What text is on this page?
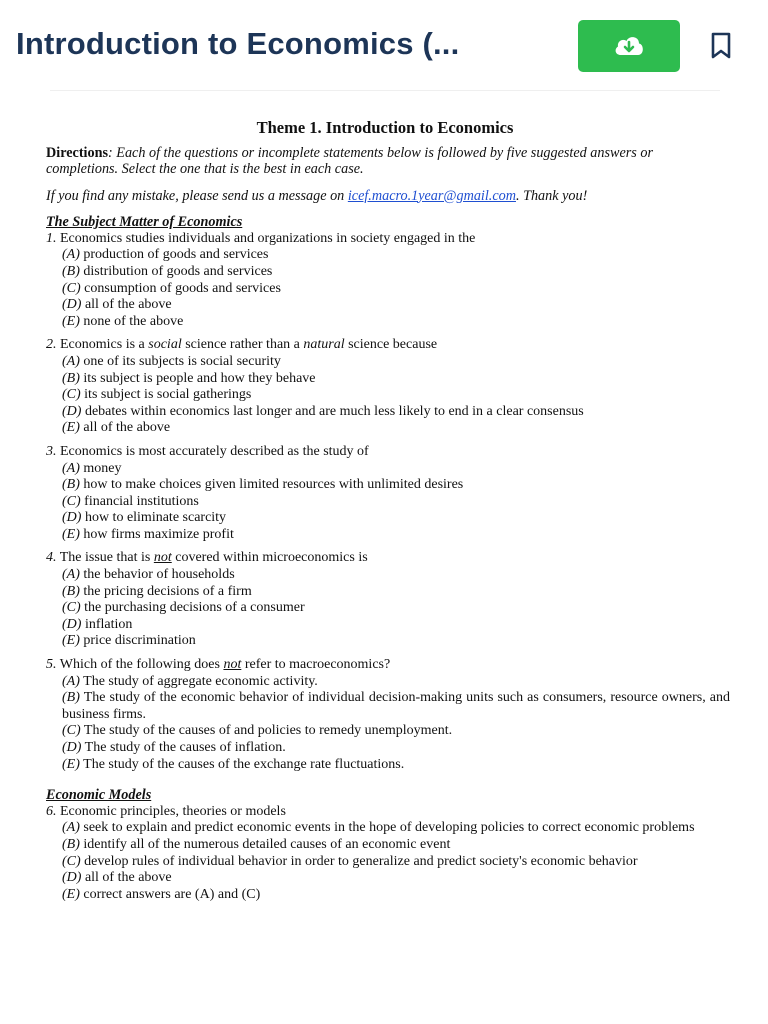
Introduction to Economics (...
Theme 1. Introduction to Economics
Directions: Each of the questions or incomplete statements below is followed by five suggested answers or completions. Select the one that is the best in each case.
If you find any mistake, please send us a message on icef.macro.1year@gmail.com. Thank you!
The Subject Matter of Economics
1. Economics studies individuals and organizations in society engaged in the
(A) production of goods and services
(B) distribution of goods and services
(C) consumption of goods and services
(D) all of the above
(E) none of the above
2. Economics is a social science rather than a natural science because
(A) one of its subjects is social security
(B) its subject is people and how they behave
(C) its subject is social gatherings
(D) debates within economics last longer and are much less likely to end in a clear consensus
(E) all of the above
3. Economics is most accurately described as the study of
(A) money
(B) how to make choices given limited resources with unlimited desires
(C) financial institutions
(D) how to eliminate scarcity
(E) how firms maximize profit
4. The issue that is not covered within microeconomics is
(A) the behavior of households
(B) the pricing decisions of a firm
(C) the purchasing decisions of a consumer
(D) inflation
(E) price discrimination
5. Which of the following does not refer to macroeconomics?
(A) The study of aggregate economic activity.
(B) The study of the economic behavior of individual decision-making units such as consumers, resource owners, and business firms.
(C) The study of the causes of and policies to remedy unemployment.
(D) The study of the causes of inflation.
(E) The study of the causes of the exchange rate fluctuations.
Economic Models
6. Economic principles, theories or models
(A) seek to explain and predict economic events in the hope of developing policies to correct economic problems
(B) identify all of the numerous detailed causes of an economic event
(C) develop rules of individual behavior in order to generalize and predict society's economic behavior
(D) all of the above
(E) correct answers are (A) and (C)
